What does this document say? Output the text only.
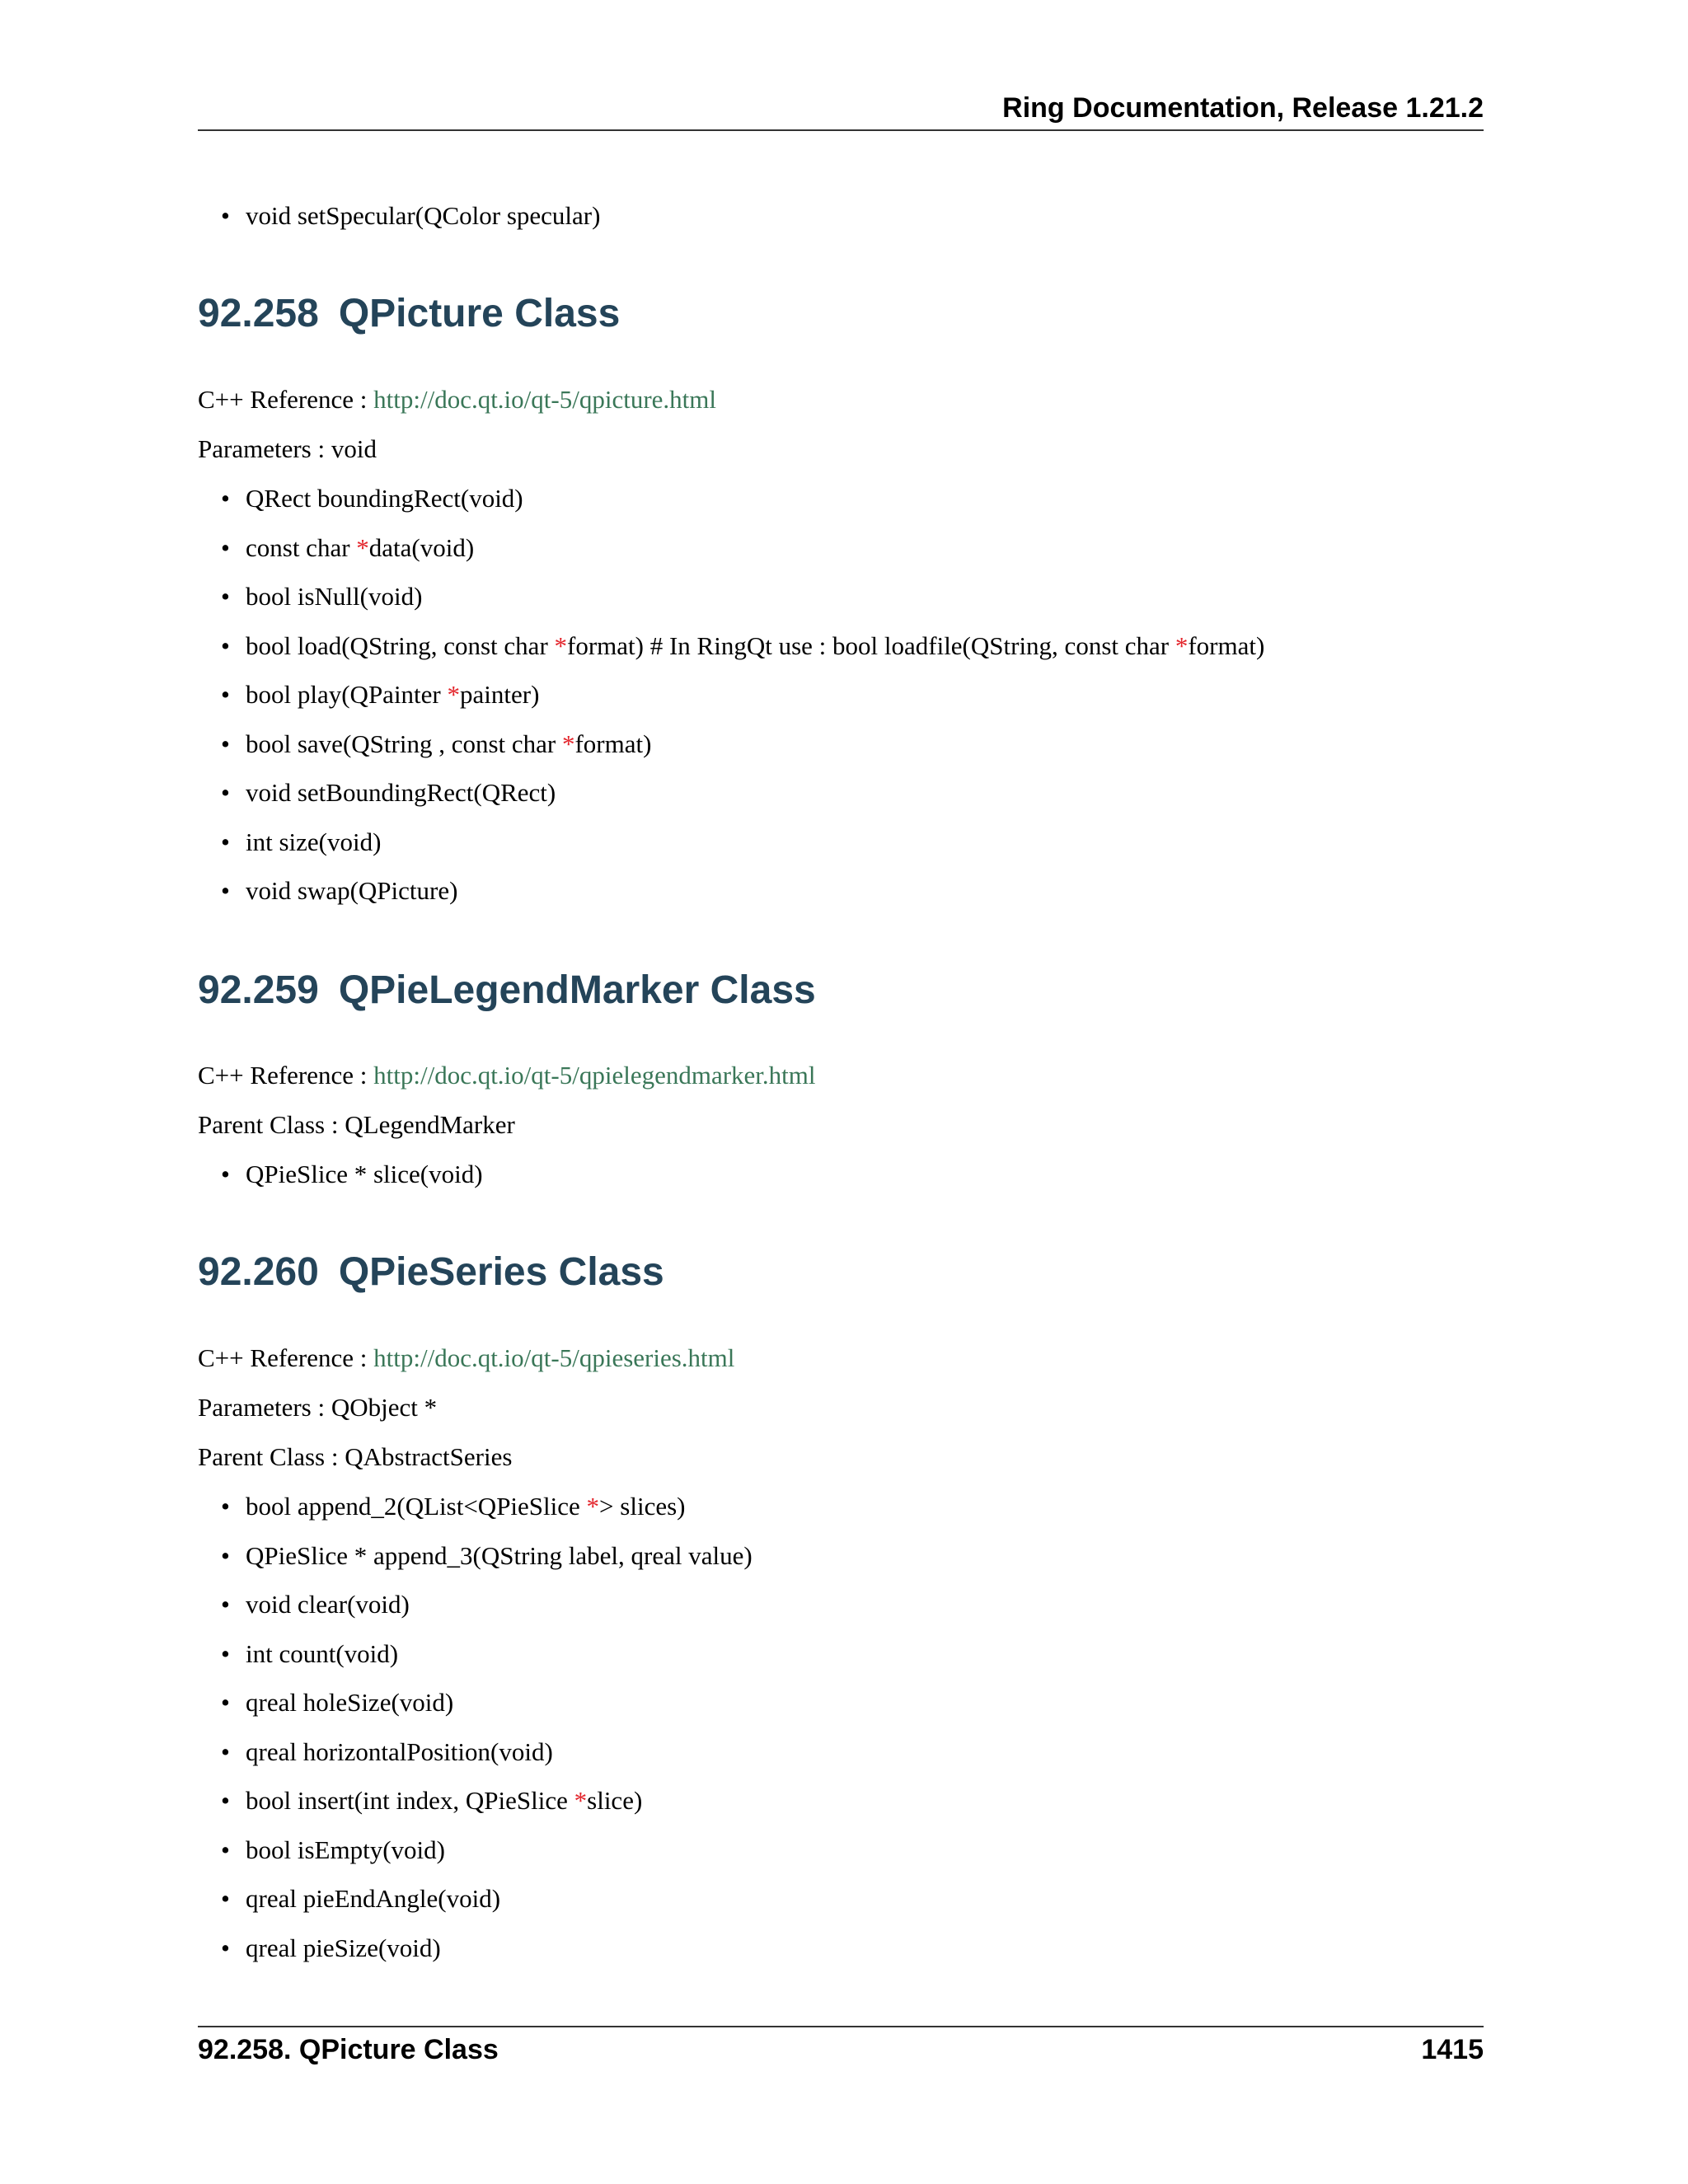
Ring Documentation, Release 1.21.2
• void setSpecular(QColor specular)
92.258 QPicture Class
C++ Reference : http://doc.qt.io/qt-5/qpicture.html
Parameters : void
• QRect boundingRect(void)
• const char *data(void)
• bool isNull(void)
• bool load(QString, const char *format) # In RingQt use : bool loadfile(QString, const char *format)
• bool play(QPainter *painter)
• bool save(QString , const char *format)
• void setBoundingRect(QRect)
• int size(void)
• void swap(QPicture)
92.259 QPieLegendMarker Class
C++ Reference : http://doc.qt.io/qt-5/qpielegendmarker.html
Parent Class : QLegendMarker
• QPieSlice * slice(void)
92.260 QPieSeries Class
C++ Reference : http://doc.qt.io/qt-5/qpieseries.html
Parameters : QObject *
Parent Class : QAbstractSeries
• bool append_2(QList<QPieSlice *> slices)
• QPieSlice * append_3(QString label, qreal value)
• void clear(void)
• int count(void)
• qreal holeSize(void)
• qreal horizontalPosition(void)
• bool insert(int index, QPieSlice *slice)
• bool isEmpty(void)
• qreal pieEndAngle(void)
• qreal pieSize(void)
92.258. QPicture Class	1415
